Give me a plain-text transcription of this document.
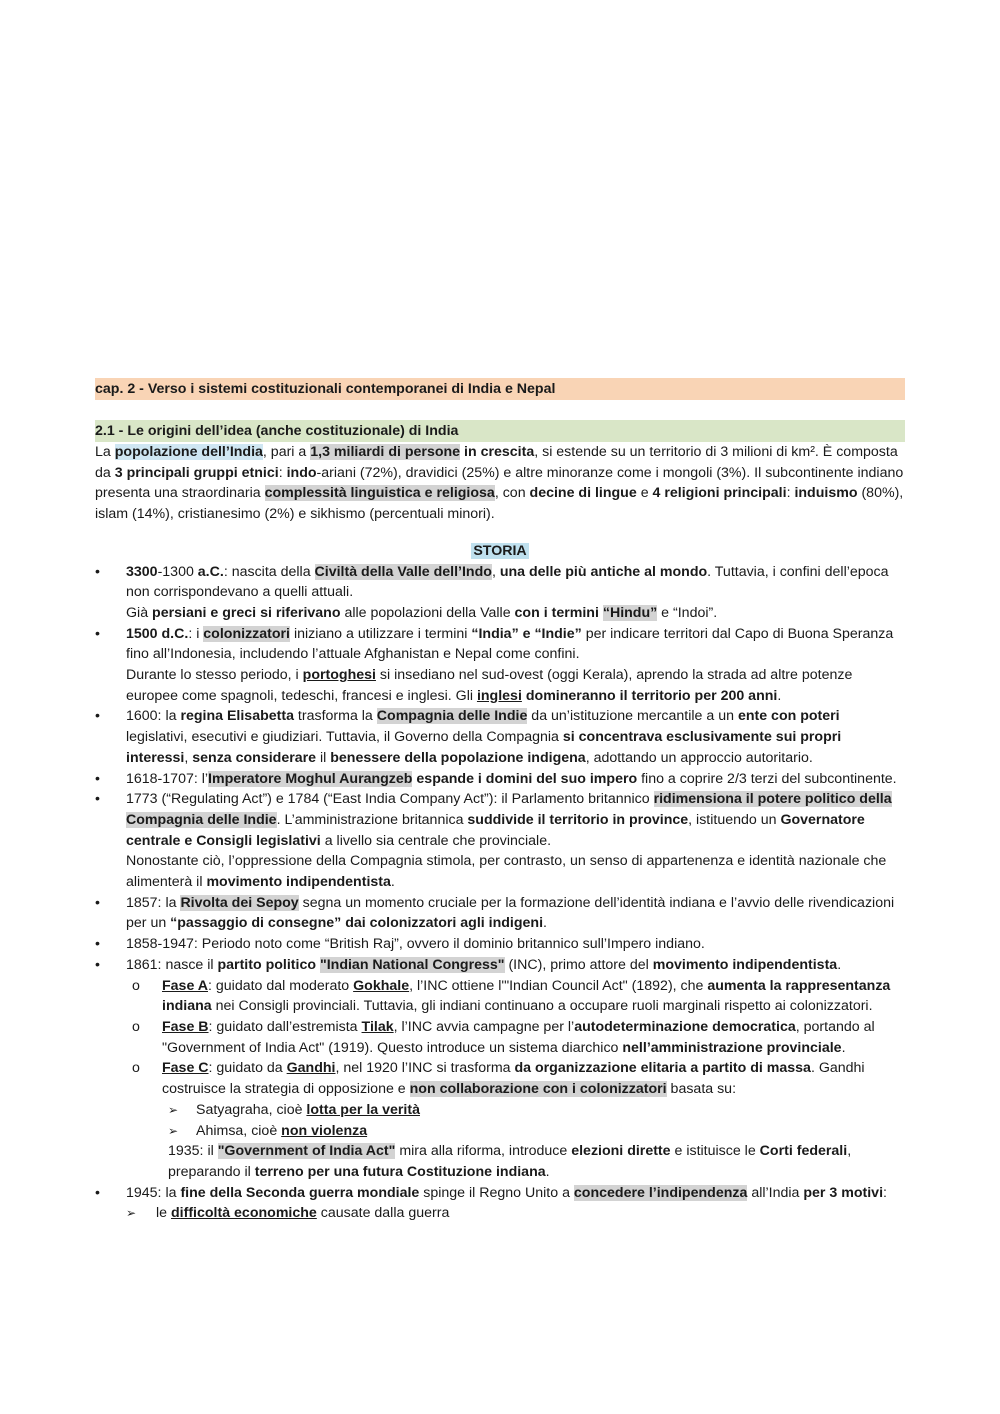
cap. 2 - Verso i sistemi costituzionali contemporanei di India e Nepal
2.1 - Le origini dell’idea (anche costituzionale) di India

La popolazione dell’India, pari a 1,3 miliardi di persone in crescita, si estende su un territorio di 3 milioni di km². È composta da 3 principali gruppi etnici: indo-ariani (72%), dravidici (25%) e altre minoranze come i mongoli (3%). Il subcontinente indiano presenta una straordinaria complessità linguistica e religiosa, con decine di lingue e 4 religioni principali: induismo (80%), islam (14%), cristianesimo (2%) e sikhismo (percentuali minori).

STORIA

• 3300-1300 a.C.: nascita della Civiltà della Valle dell’Indo, una delle più antiche al mondo. Tuttavia, i confini dell’epoca non corrispondevano a quelli attuali.
Già persiani e greci si riferivano alle popolazioni della Valle con i termini “Hindu” e “Indoi”.
• 1500 d.C.: i colonizzatori iniziano a utilizzare i termini “India” e “Indie” per indicare territori dal Capo di Buona Speranza fino all’Indonesia, includendo l’attuale Afghanistan e Nepal come confini.
Durante lo stesso periodo, i portoghesi si insediano nel sud-ovest (oggi Kerala), aprendo la strada ad altre potenze europee come spagnoli, tedeschi, francesi e inglesi. Gli inglesi domineranno il territorio per 200 anni.
• 1600: la regina Elisabetta trasforma la Compagnia delle Indie da un’istituzione mercantile a un ente con poteri legislativi, esecutivi e giudiziari. Tuttavia, il Governo della Compagnia si concentrava esclusivamente sui propri interessi, senza considerare il benessere della popolazione indigena, adottando un approccio autoritario.
• 1618-1707: l’Imperatore Moghul Aurangzeb espande i domini del suo impero fino a coprire 2/3 terzi del subcontinente.
• 1773 (“Regulating Act”) e 1784 (“East India Company Act”): il Parlamento britannico ridimensiona il potere politico della Compagnia delle Indie. L’amministrazione britannica suddivide il territorio in province, istituendo un Governatore centrale e Consigli legislativi a livello sia centrale che provinciale.
Nonostante ciò, l’oppressione della Compagnia stimola, per contrasto, un senso di appartenenza e identità nazionale che alimenterà il movimento indipendentista.
• 1857: la Rivolta dei Sepoy segna un momento cruciale per la formazione dell’identità indiana e l’avvio delle rivendicazioni per un “passaggio di consegne” dai colonizzatori agli indigeni.
• 1858-1947: Periodo noto come “British Raj”, ovvero il dominio britannico sull’Impero indiano.
• 1861: nasce il partito politico "Indian National Congress" (INC), primo attore del movimento indipendentista.
o Fase A: guidato dal moderato Gokhale, l’INC ottiene l'"Indian Council Act" (1892), che aumenta la rappresentanza indiana nei Consigli provinciali. Tuttavia, gli indiani continuano a occupare ruoli marginali rispetto ai colonizzatori.
o Fase B: guidato dall’estremista Tilak, l’INC avvia campagne per l’autodeterminazione democratica, portando al "Government of India Act" (1919). Questo introduce un sistema diarchico nell’amministrazione provinciale.
o Fase C: guidato da Gandhi, nel 1920 l’INC si trasforma da organizzazione elitaria a partito di massa. Gandhi costruisce la strategia di opposizione e non collaborazione con i colonizzatori basata su:
➢ Satyagraha, cioè lotta per la verità
➢ Ahimsa, cioè non violenza

1935: il "Government of India Act" mira alla riforma, introduce elezioni dirette e istituisce le Corti federali, preparando il terreno per una futura Costituzione indiana.

• 1945: la fine della Seconda guerra mondiale spinge il Regno Unito a concedere l’indipendenza all’India per 3 motivi:
➢ le difficoltà economiche causate dalla guerra
